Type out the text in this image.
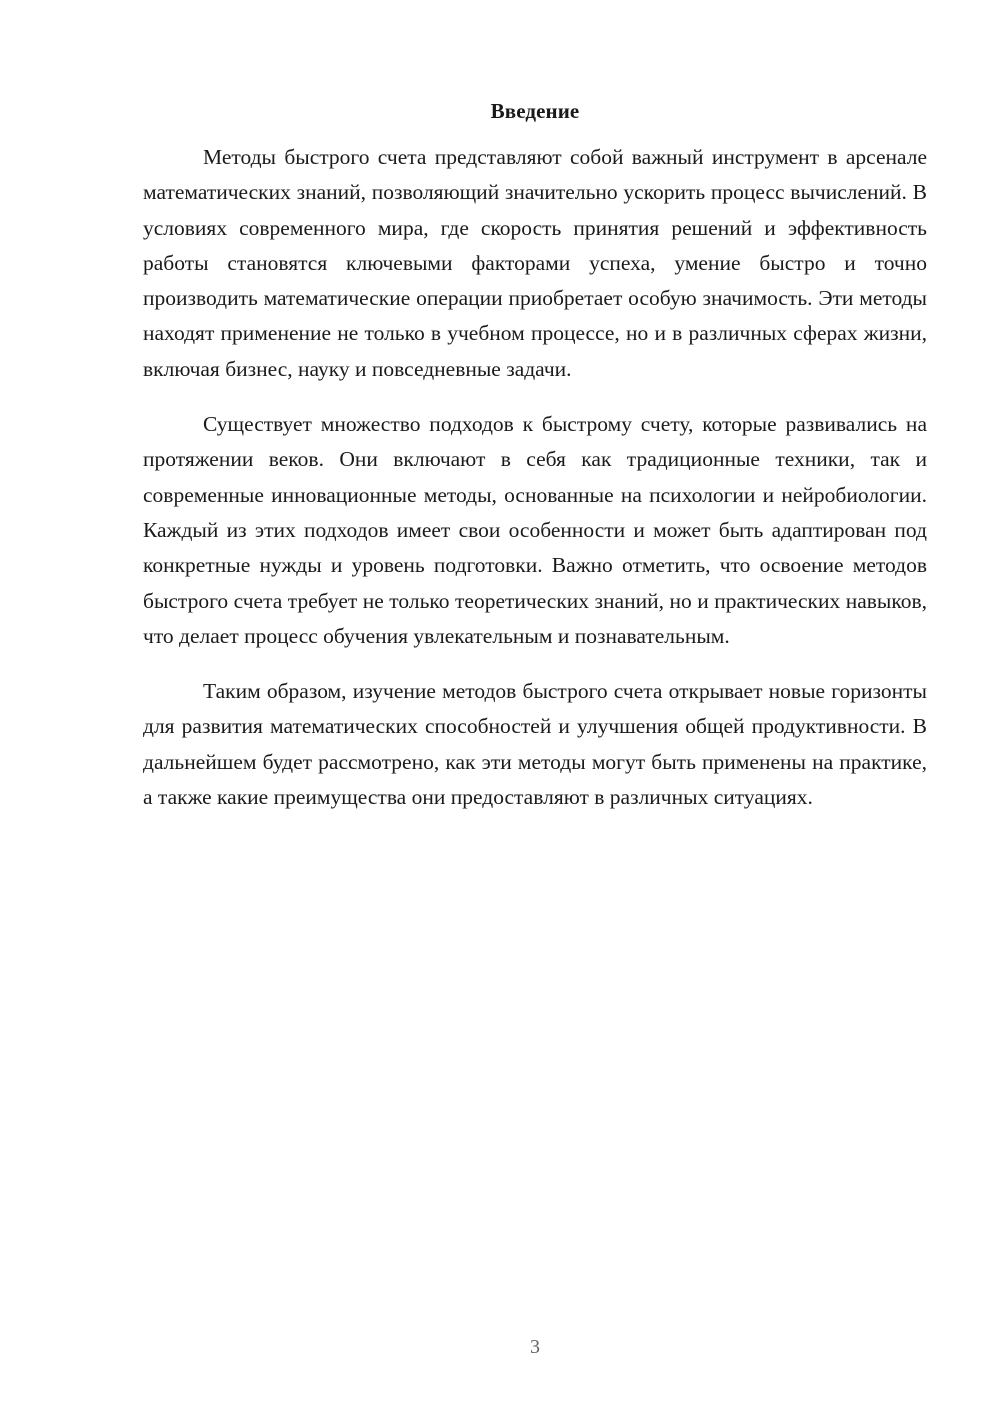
Введение

Методы быстрого счета представляют собой важный инструмент в арсенале математических знаний, позволяющий значительно ускорить процесс вычислений. В условиях современного мира, где скорость принятия решений и эффективность работы становятся ключевыми факторами успеха, умение быстро и точно производить математические операции приобретает особую значимость. Эти методы находят применение не только в учебном процессе, но и в различных сферах жизни, включая бизнес, науку и повседневные задачи.

Существует множество подходов к быстрому счету, которые развивались на протяжении веков. Они включают в себя как традиционные техники, так и современные инновационные методы, основанные на психологии и нейробиологии. Каждый из этих подходов имеет свои особенности и может быть адаптирован под конкретные нужды и уровень подготовки. Важно отметить, что освоение методов быстрого счета требует не только теоретических знаний, но и практических навыков, что делает процесс обучения увлекательным и познавательным.

Таким образом, изучение методов быстрого счета открывает новые горизонты для развития математических способностей и улучшения общей продуктивности. В дальнейшем будет рассмотрено, как эти методы могут быть применены на практике, а также какие преимущества они предоставляют в различных ситуациях.

3
